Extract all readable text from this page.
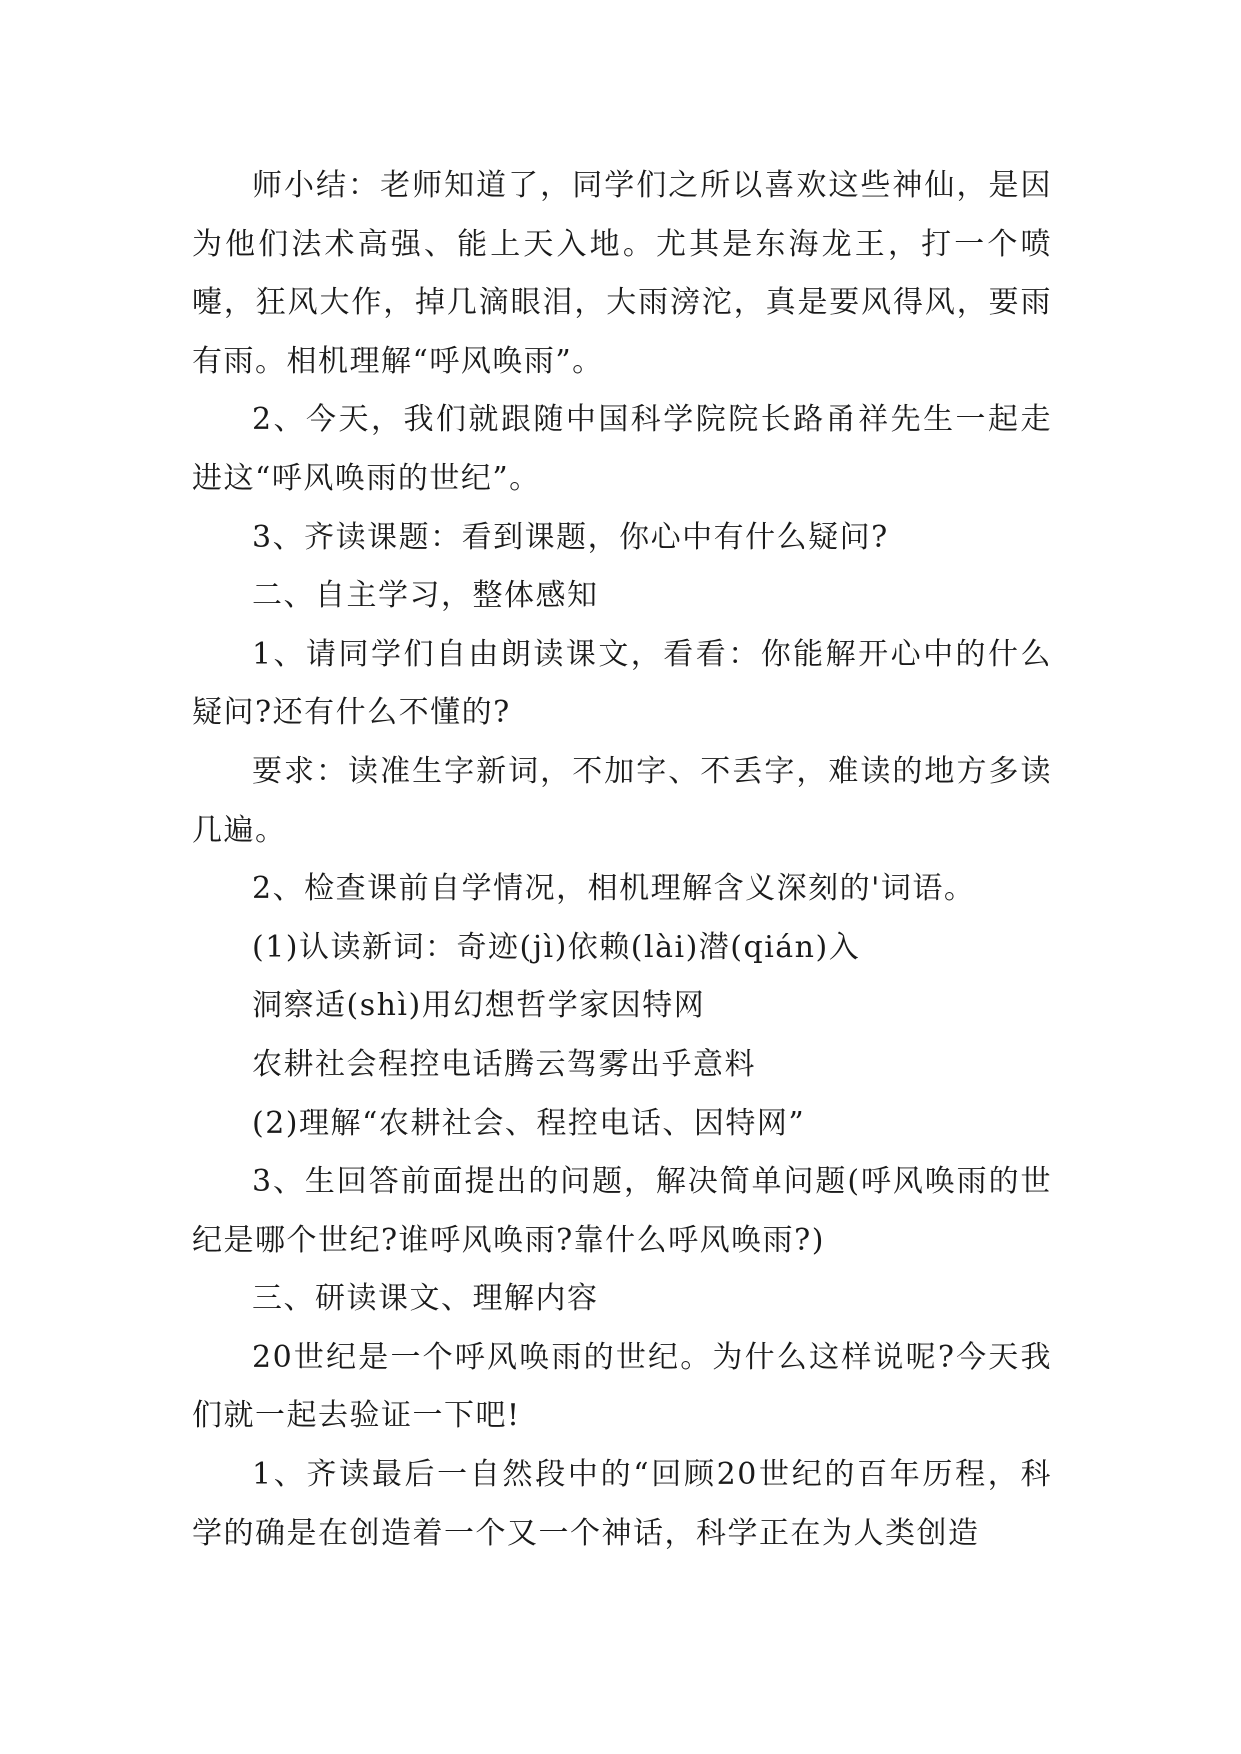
师小结：老师知道了，同学们之所以喜欢这些神仙，是因为他们法术高强、能上天入地。尤其是东海龙王，打一个喷嚏，狂风大作，掉几滴眼泪，大雨滂沱，真是要风得风，要雨有雨。相机理解“呼风唤雨”。

2、今天，我们就跟随中国科学院院长路甬祥先生一起走进这“呼风唤雨的世纪”。

3、齐读课题：看到课题，你心中有什么疑问?

二、自主学习，整体感知

1、请同学们自由朗读课文，看看：你能解开心中的什么疑问?还有什么不懂的?

要求：读准生字新词，不加字、不丢字，难读的地方多读几遍。

2、检查课前自学情况，相机理解含义深刻的'词语。

(1)认读新词：奇迹(jì)依赖(lài)潜(qián)入

洞察适(shì)用幻想哲学家因特网

农耕社会程控电话腾云驾雾出乎意料

(2)理解“农耕社会、程控电话、因特网”

3、生回答前面提出的问题，解决简单问题(呼风唤雨的世纪是哪个世纪?谁呼风唤雨?靠什么呼风唤雨?)

三、研读课文、理解内容

20世纪是一个呼风唤雨的世纪。为什么这样说呢?今天我们就一起去验证一下吧!

1、齐读最后一自然段中的“回顾20世纪的百年历程，科学的确是在创造着一个又一个神话，科学正在为人类创造
